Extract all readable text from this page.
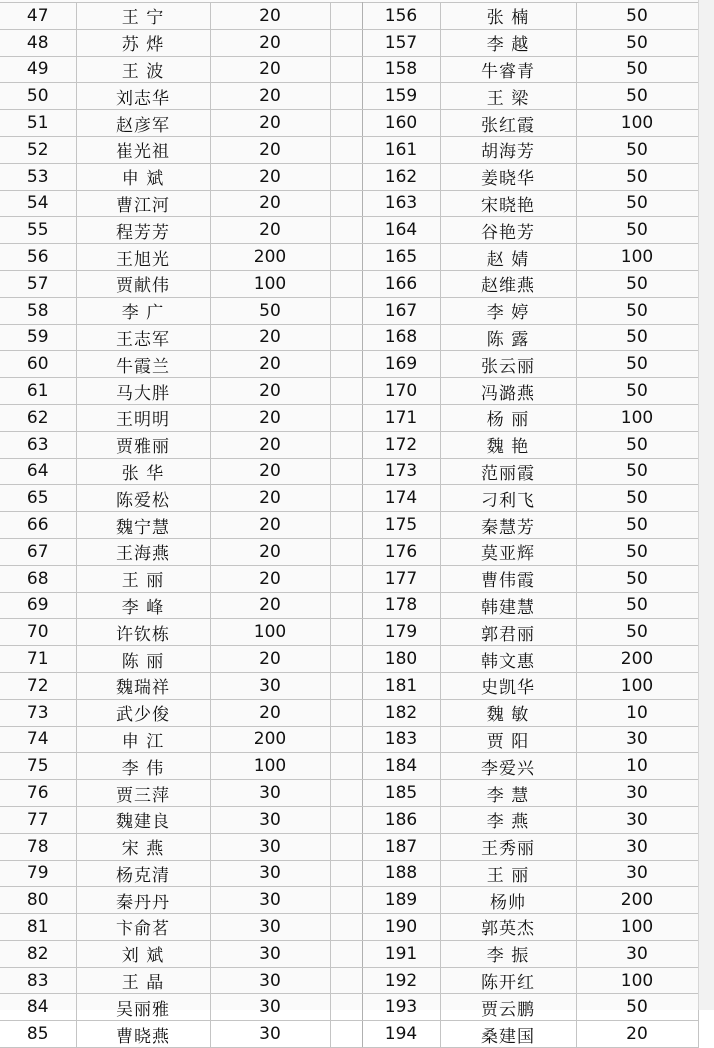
47	王 宁	20		156	张 楠	50
48	苏 烨	20		157	李 越	50
49	王 波	20		158	牛睿青	50
50	刘志华	20		159	王 梁	50
51	赵彦军	20		160	张红霞	100
52	崔光祖	20		161	胡海芳	50
53	申 斌	20		162	姜晓华	50
54	曹江河	20		163	宋晓艳	50
55	程芳芳	20		164	谷艳芳	50
56	王旭光	200		165	赵 婧	100
57	贾献伟	100		166	赵维燕	50
58	李 广	50		167	李 婷	50
59	王志军	20		168	陈 露	50
60	牛霞兰	20		169	张云丽	50
61	马大胖	20		170	冯潞燕	50
62	王明明	20		171	杨 丽	100
63	贾雅丽	20		172	魏 艳	50
64	张 华	20		173	范丽霞	50
65	陈爱松	20		174	刁利飞	50
66	魏宁慧	20		175	秦慧芳	50
67	王海燕	20		176	莫亚辉	50
68	王 丽	20		177	曹伟霞	50
69	李 峰	20		178	韩建慧	50
70	许钦栋	100		179	郭君丽	50
71	陈 丽	20		180	韩文惠	200
72	魏瑞祥	30		181	史凯华	100
73	武少俊	20		182	魏 敏	10
74	申 江	200		183	贾 阳	30
75	李 伟	100		184	李爱兴	10
76	贾三萍	30		185	李 慧	30
77	魏建良	30		186	李 燕	30
78	宋 燕	30		187	王秀丽	30
79	杨克清	30		188	王 丽	30
80	秦丹丹	30		189	杨帅	200
81	卞俞茗	30		190	郭英杰	100
82	刘 斌	30		191	李 振	30
83	王 晶	30		192	陈开红	100
84	吴丽雅	30		193	贾云鹏	50
85	曹晓燕	30		194	桑建国	20
